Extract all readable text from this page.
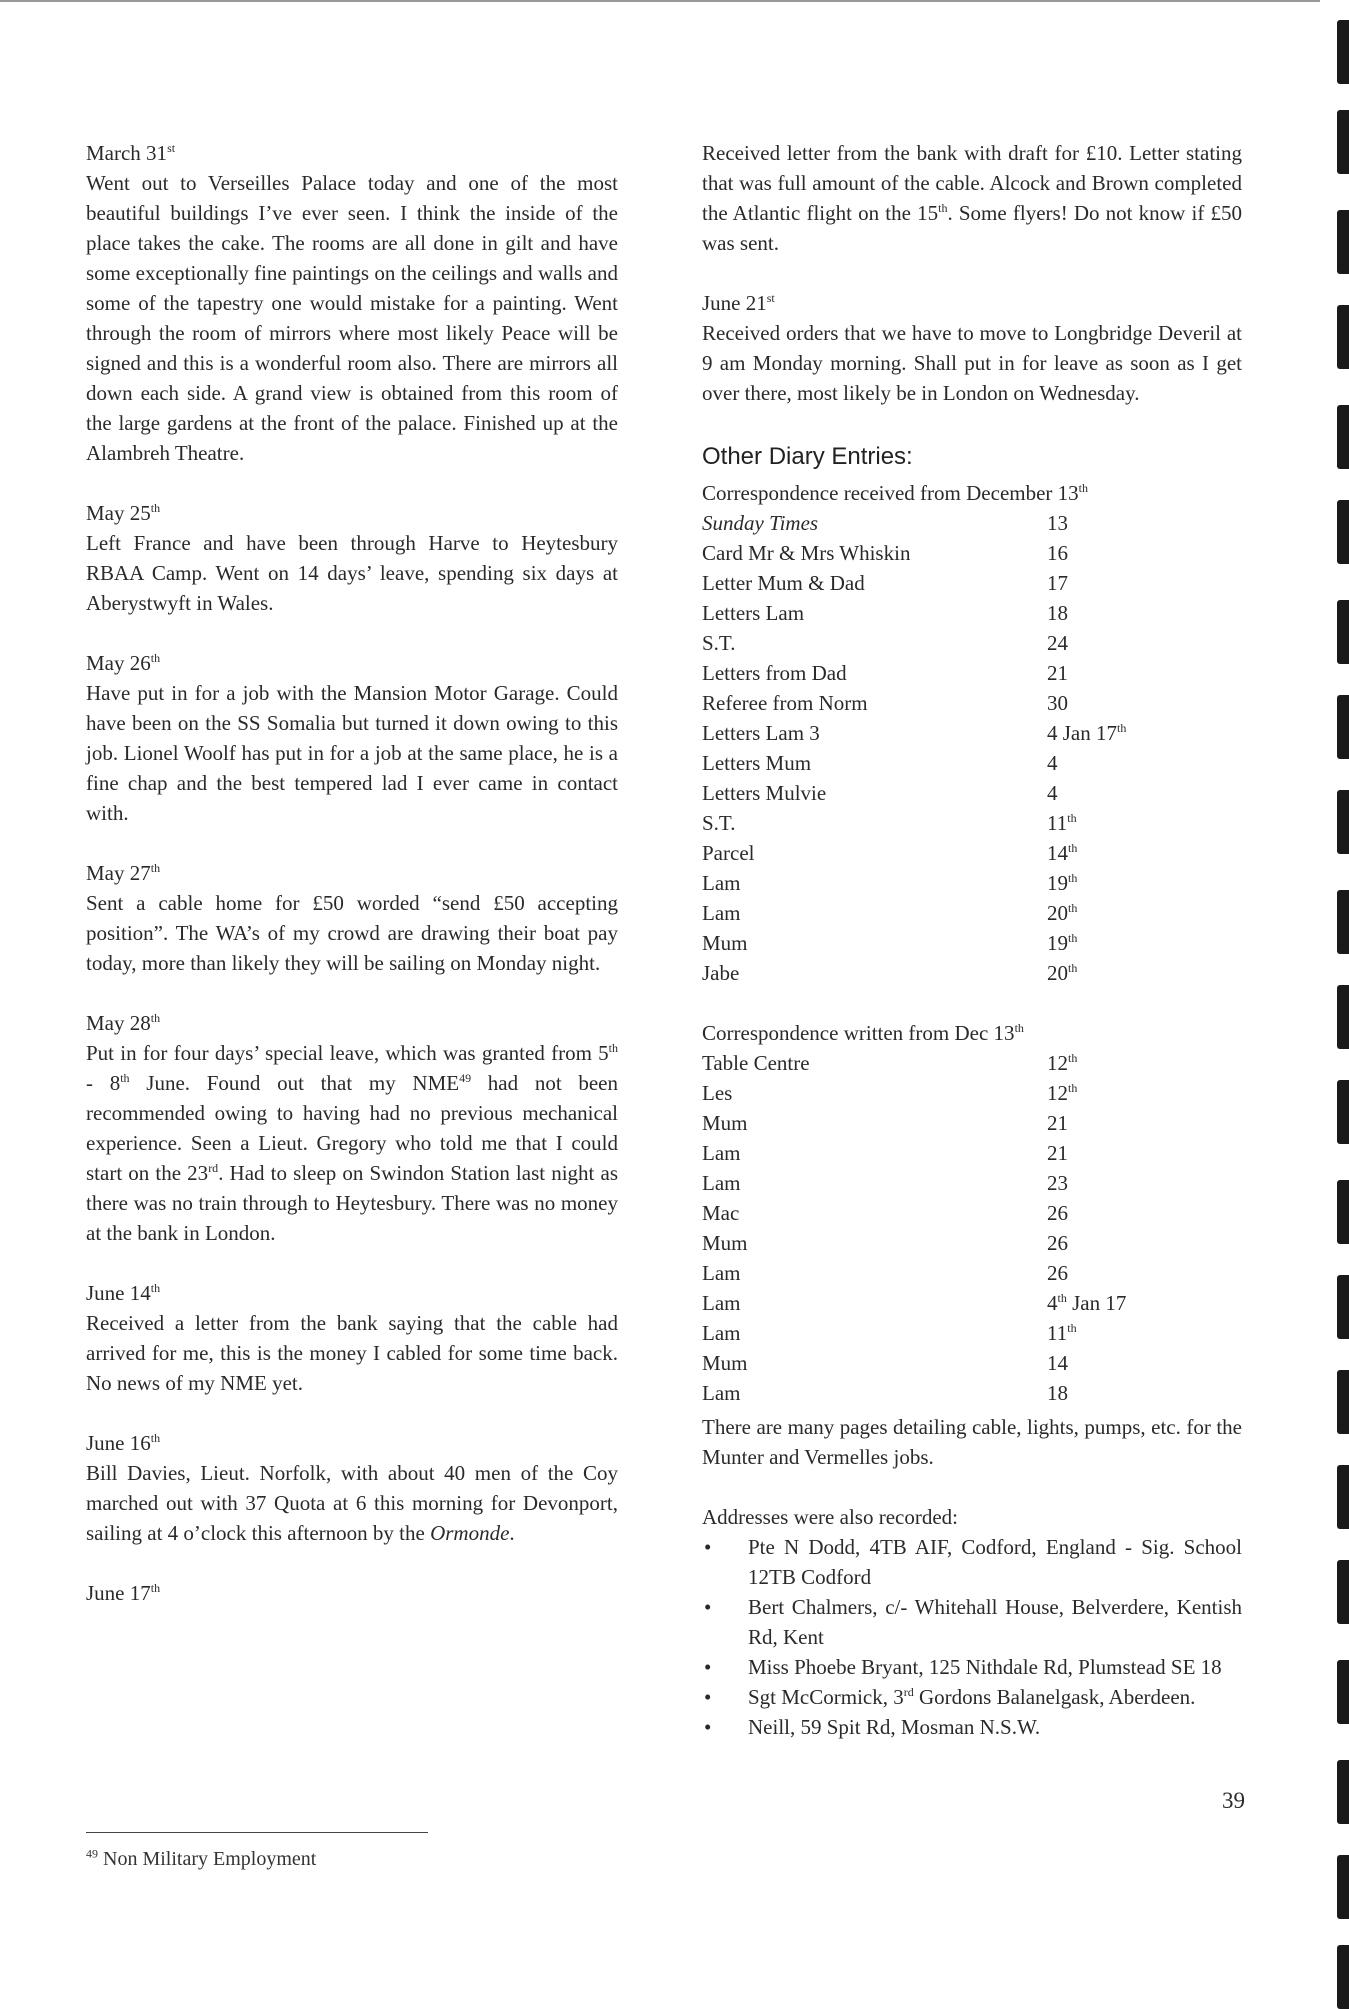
March 31st
Went out to Verseilles Palace today and one of the most beautiful buildings I’ve ever seen. I think the inside of the place takes the cake. The rooms are all done in gilt and have some exceptionally fine paintings on the ceilings and walls and some of the tapestry one would mistake for a painting. Went through the room of mirrors where most likely Peace will be signed and this is a wonderful room also. There are mirrors all down each side. A grand view is obtained from this room of the large gardens at the front of the palace. Finished up at the Alambreh Theatre.
May 25th
Left France and have been through Harve to Heytesbury RBAA Camp. Went on 14 days’ leave, spending six days at Aberystwyft in Wales.
May 26th
Have put in for a job with the Mansion Motor Garage. Could have been on the SS Somalia but turned it down owing to this job. Lionel Woolf has put in for a job at the same place, he is a fine chap and the best tempered lad I ever came in contact with.
May 27th
Sent a cable home for £50 worded “send £50 accepting position”. The WA’s of my crowd are drawing their boat pay today, more than likely they will be sailing on Monday night.
May 28th
Put in for four days’ special leave, which was granted from 5th - 8th June. Found out that my NME$^{49}$ had not been recommended owing to having had no previous mechanical experience. Seen a Lieut. Gregory who told me that I could start on the 23rd. Had to sleep on Swindon Station last night as there was no train through to Heytesbury. There was no money at the bank in London.
June 14th
Received a letter from the bank saying that the cable had arrived for me, this is the money I cabled for some time back. No news of my NME yet.
June 16th
Bill Davies, Lieut. Norfolk, with about 40 men of the Coy marched out with 37 Quota at 6 this morning for Devonport, sailing at 4 o’clock this afternoon by the Ormonde.
June 17th
Received letter from the bank with draft for £10. Letter stating that was full amount of the cable. Alcock and Brown completed the Atlantic flight on the 15th. Some flyers! Do not know if £50 was sent.
June 21st
Received orders that we have to move to Longbridge Deveril at 9 am Monday morning. Shall put in for leave as soon as I get over there, most likely be in London on Wednesday.
Other Diary Entries:
Correspondence received from December 13th
Sunday Times	13
Card Mr & Mrs Whiskin	16
Letter Mum & Dad	17
Letters Lam	18
S.T.	24
Letters from Dad	21
Referee from Norm	30
Letters Lam 3	4 Jan 17th
Letters Mum	4
Letters Mulvie	4
S.T.	11th
Parcel	14th
Lam	19th
Lam	20th
Mum	19th
Jabe	20th
Correspondence written from Dec 13th
Table Centre	12th
Les	12th
Mum	21
Lam	21
Lam	23
Mac	26
Mum	26
Lam	26
Lam	4th Jan 17
Lam	11th
Mum	14
Lam	18
There are many pages detailing cable, lights, pumps, etc. for the Munter and Vermelles jobs.
Addresses were also recorded:
• Pte N Dodd, 4TB AIF, Codford, England - Sig. School 12TB Codford
• Bert Chalmers, c/- Whitehall House, Belverdere, Kentish Rd, Kent
• Miss Phoebe Bryant, 125 Nithdale Rd, Plumstead SE 18
• Sgt McCormick, 3rd Gordons Balanelgask, Aberdeen.
• Neill, 59 Spit Rd, Mosman N.S.W.
$^{49}$ Non Military Employment
39
